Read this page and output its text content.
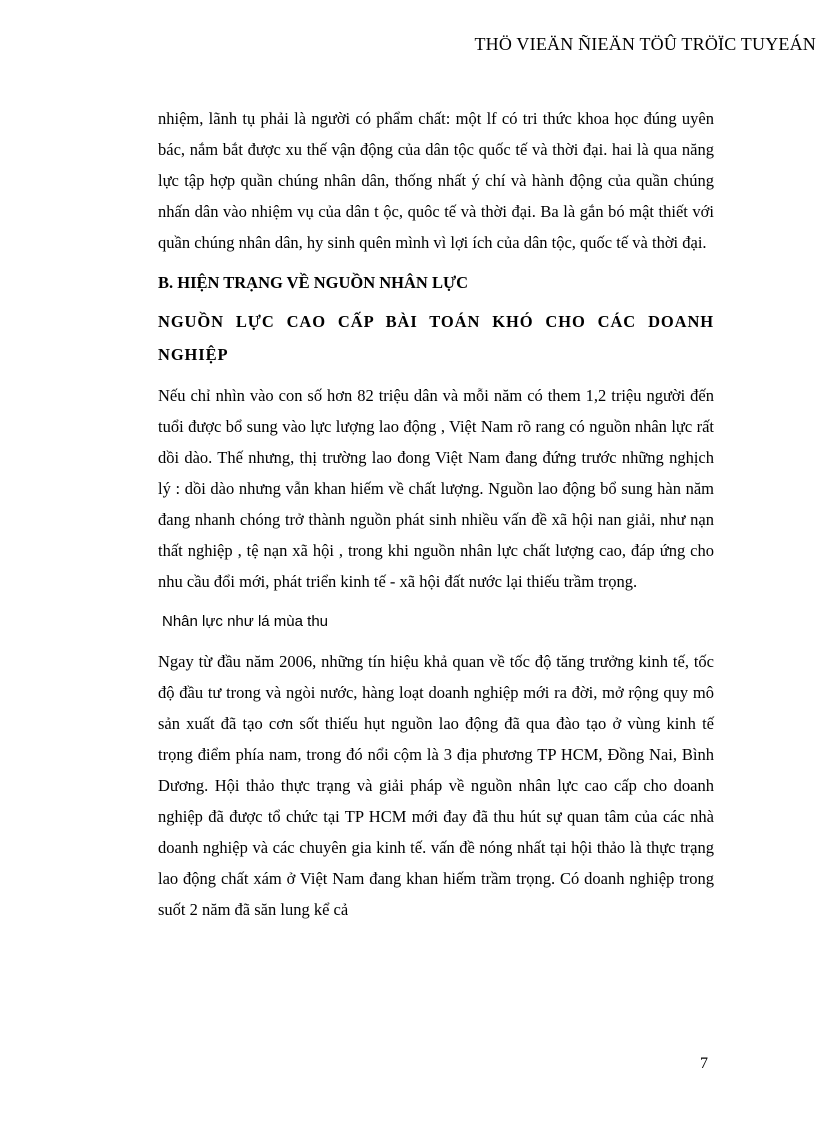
THÖ VIEÄN ÑIEÄN TÖÛ TRÖÏC TUYEÁN

nhiệm, lãnh tụ phải là người có phẩm chất: một lf có tri thức khoa học đúng uyên bác, nắm bắt được xu thế vận động của dân tộc quốc tế và thời đại. hai là qua năng lực tập hợp quần chúng nhân dân, thống nhất ý chí và hành động của quần chúng nhấn dân vào nhiệm vụ của dân t ộc, quôc tế và thời đại. Ba là gắn bó mật thiết với quần chúng nhân dân, hy sinh quên mình vì lợi ích của dân tộc, quốc tế và thời đại.

B. HIỆN TRẠNG VỀ NGUỒN NHÂN LỰC
NGUỒN LỰC CAO CẤP BÀI TOÁN KHÓ CHO CÁC DOANH NGHIỆP

Nếu chỉ nhìn vào con số hơn 82 triệu dân và mỗi năm có them 1,2 triệu người đến tuổi được bổ sung vào lực lượng lao động , Việt Nam rõ rang có nguồn nhân lực rất dồi dào. Thế nhưng, thị trường lao đong Việt Nam đang đứng trước những nghịch lý : dồi dào nhưng vẫn khan hiếm về chất lượng. Nguồn lao động bổ sung hàn năm đang nhanh chóng trở thành nguồn phát sinh nhiều vấn đề xã hội nan giải, như nạn thất nghiệp , tệ nạn xã hội , trong khi nguồn nhân lực chất lượng cao, đáp ứng cho nhu cầu đổi mới, phát triển kinh tế - xã hội đất nước lại thiếu trầm trọng.

Nhân lực như lá mùa thu

Ngay từ đầu năm 2006, những tín hiệu khả quan về tốc độ tăng trưởng kinh tế, tốc độ đầu tư trong và ngòi nước, hàng loạt doanh nghiệp mới ra đời, mở rộng quy mô sản xuất đã tạo cơn sốt thiếu hụt nguồn lao động đã qua đào tạo ở vùng kinh tế trọng điểm phía nam, trong đó nổi cộm là 3 địa phương TP HCM, Đồng Nai, Bình Dương. Hội thảo thực trạng và giải pháp về nguồn nhân lực cao cấp cho doanh nghiệp đã được tổ chức tại TP HCM mới đay đã thu hút sự quan tâm của các nhà doanh nghiệp và các chuyên gia kinh tế. vấn đề nóng nhất tại hội thảo là thực trạng lao động chất xám ở Việt Nam đang khan hiếm trầm trọng. Có doanh nghiệp trong suốt 2 năm đã săn lung kể cả

7
